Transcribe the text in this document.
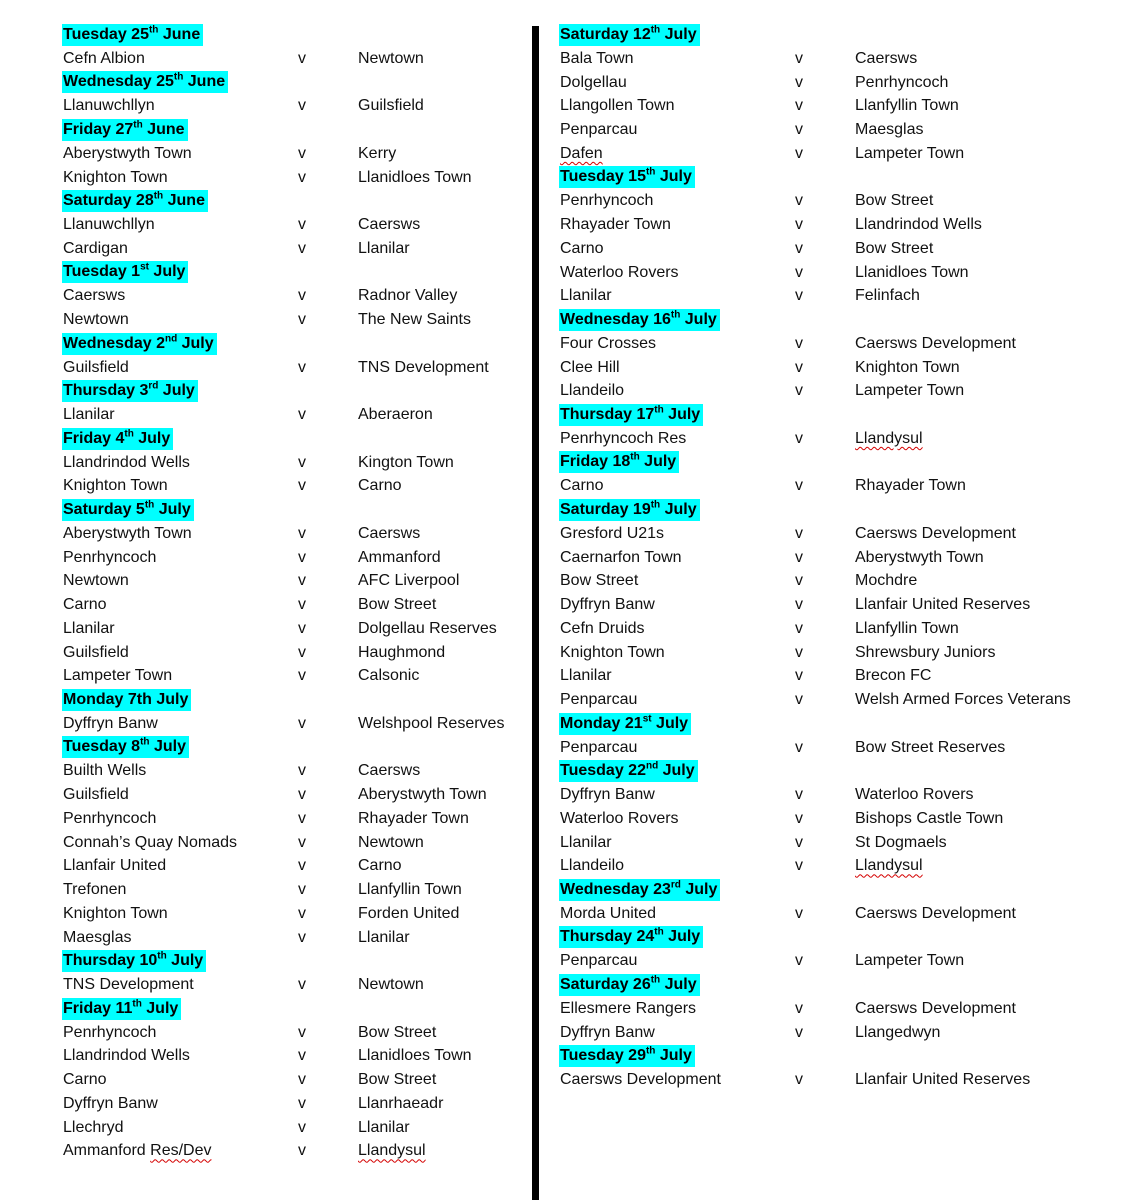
Tuesday 25th June
Cefn Albion	v	Newtown
Wednesday 25th June
Llanuwchllyn	v	Guilsfield
Friday 27th June
Aberystwyth Town	v	Kerry
Knighton Town	v	Llanidloes Town
Saturday 28th June
Llanuwchllyn	v	Caersws
Cardigan	v	Llanilar
Tuesday 1st July
Caersws	v	Radnor Valley
Newtown	v	The New Saints
Wednesday 2nd July
Guilsfield	v	TNS Development
Thursday 3rd July
Llanilar	v	Aberaeron
Friday 4th July
Llandrindod Wells	v	Kington Town
Knighton Town	v	Carno
Saturday 5th July
Aberystwyth Town	v	Caersws
Penrhyncoch	v	Ammanford
Newtown	v	AFC Liverpool
Carno	v	Bow Street
Llanilar	v	Dolgellau Reserves
Guilsfield	v	Haughmond
Lampeter Town	v	Calsonic
Monday 7th July
Dyffryn Banw	v	Welshpool Reserves
Tuesday 8th July
Builth Wells	v	Caersws
Guilsfield	v	Aberystwyth Town
Penrhyncoch	v	Rhayader Town
Connah’s Quay Nomads	v	Newtown
Llanfair United	v	Carno
Trefonen	v	Llanfyllin Town
Knighton Town	v	Forden United
Maesglas	v	Llanilar
Thursday 10th July
TNS Development	v	Newtown
Friday 11th July
Penrhyncoch	v	Bow Street
Llandrindod Wells	v	Llanidloes Town
Carno	v	Bow Street
Dyffryn Banw	v	Llanrhaeadr
Llechryd	v	Llanilar
Ammanford Res/Dev	v	Llandysul
Saturday 12th July
Bala Town	v	Caersws
Dolgellau	v	Penrhyncoch
Llangollen Town	v	Llanfyllin Town
Penparcau	v	Maesglas
Dafen	v	Lampeter Town
Tuesday 15th July
Penrhyncoch	v	Bow Street
Rhayader Town	v	Llandrindod Wells
Carno	v	Bow Street
Waterloo Rovers	v	Llanidloes Town
Llanilar	v	Felinfach
Wednesday 16th July
Four Crosses	v	Caersws Development
Clee Hill	v	Knighton Town
Llandeilo	v	Lampeter Town
Thursday 17th July
Penrhyncoch Res	v	Llandysul
Friday 18th July
Carno	v	Rhayader Town
Saturday 19th July
Gresford U21s	v	Caersws Development
Caernarfon Town	v	Aberystwyth Town
Bow Street	v	Mochdre
Dyffryn Banw	v	Llanfair United Reserves
Cefn Druids	v	Llanfyllin Town
Knighton Town	v	Shrewsbury Juniors
Llanilar	v	Brecon FC
Penparcau	v	Welsh Armed Forces Veterans
Monday 21st July
Penparcau	v	Bow Street Reserves
Tuesday 22nd July
Dyffryn Banw	v	Waterloo Rovers
Waterloo Rovers	v	Bishops Castle Town
Llanilar	v	St Dogmaels
Llandeilo	v	Llandysul
Wednesday 23rd July
Morda United	v	Caersws Development
Thursday 24th July
Penparcau	v	Lampeter Town
Saturday 26th July
Ellesmere Rangers	v	Caersws Development
Dyffryn Banw	v	Llangedwyn
Tuesday 29th July
Caersws Development	v	Llanfair United Reserves
